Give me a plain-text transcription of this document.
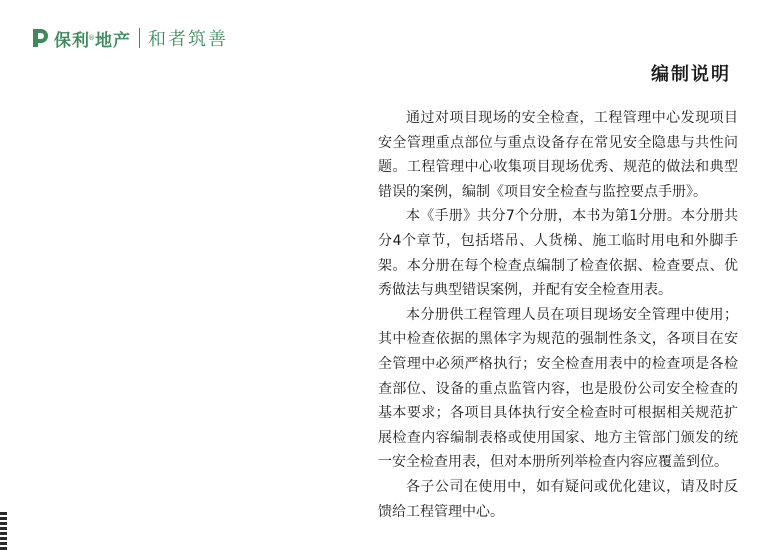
保利
® 地产 和者筑善
编制说明

通过对项目现场的安全检查，工程管理中心发现项目安全管理重点部位与重点设备存在常见安全隐患与共性问题。工程管理中心收集项目现场优秀、规范的做法和典型错误的案例，编制《项目安全检查与监控要点手册》。

本《手册》共分7个分册，本书为第1分册。本分册共分4个章节，包括塔吊、人货梯、施工临时用电和外脚手架。本分册在每个检查点编制了检查依据、检查要点、优秀做法与典型错误案例，并配有安全检查用表。

本分册供工程管理人员在项目现场安全管理中使用；其中检查依据的黑体字为规范的强制性条文，各项目在安全管理中必须严格执行；安全检查用表中的检查项是各检查部位、设备的重点监管内容，也是股份公司安全检查的基本要求；各项目具体执行安全检查时可根据相关规范扩展检查内容编制表格或使用国家、地方主管部门颁发的统一安全检查用表，但对本册所列举检查内容应覆盖到位。

各子公司在使用中，如有疑问或优化建议，请及时反馈给工程管理中心。
